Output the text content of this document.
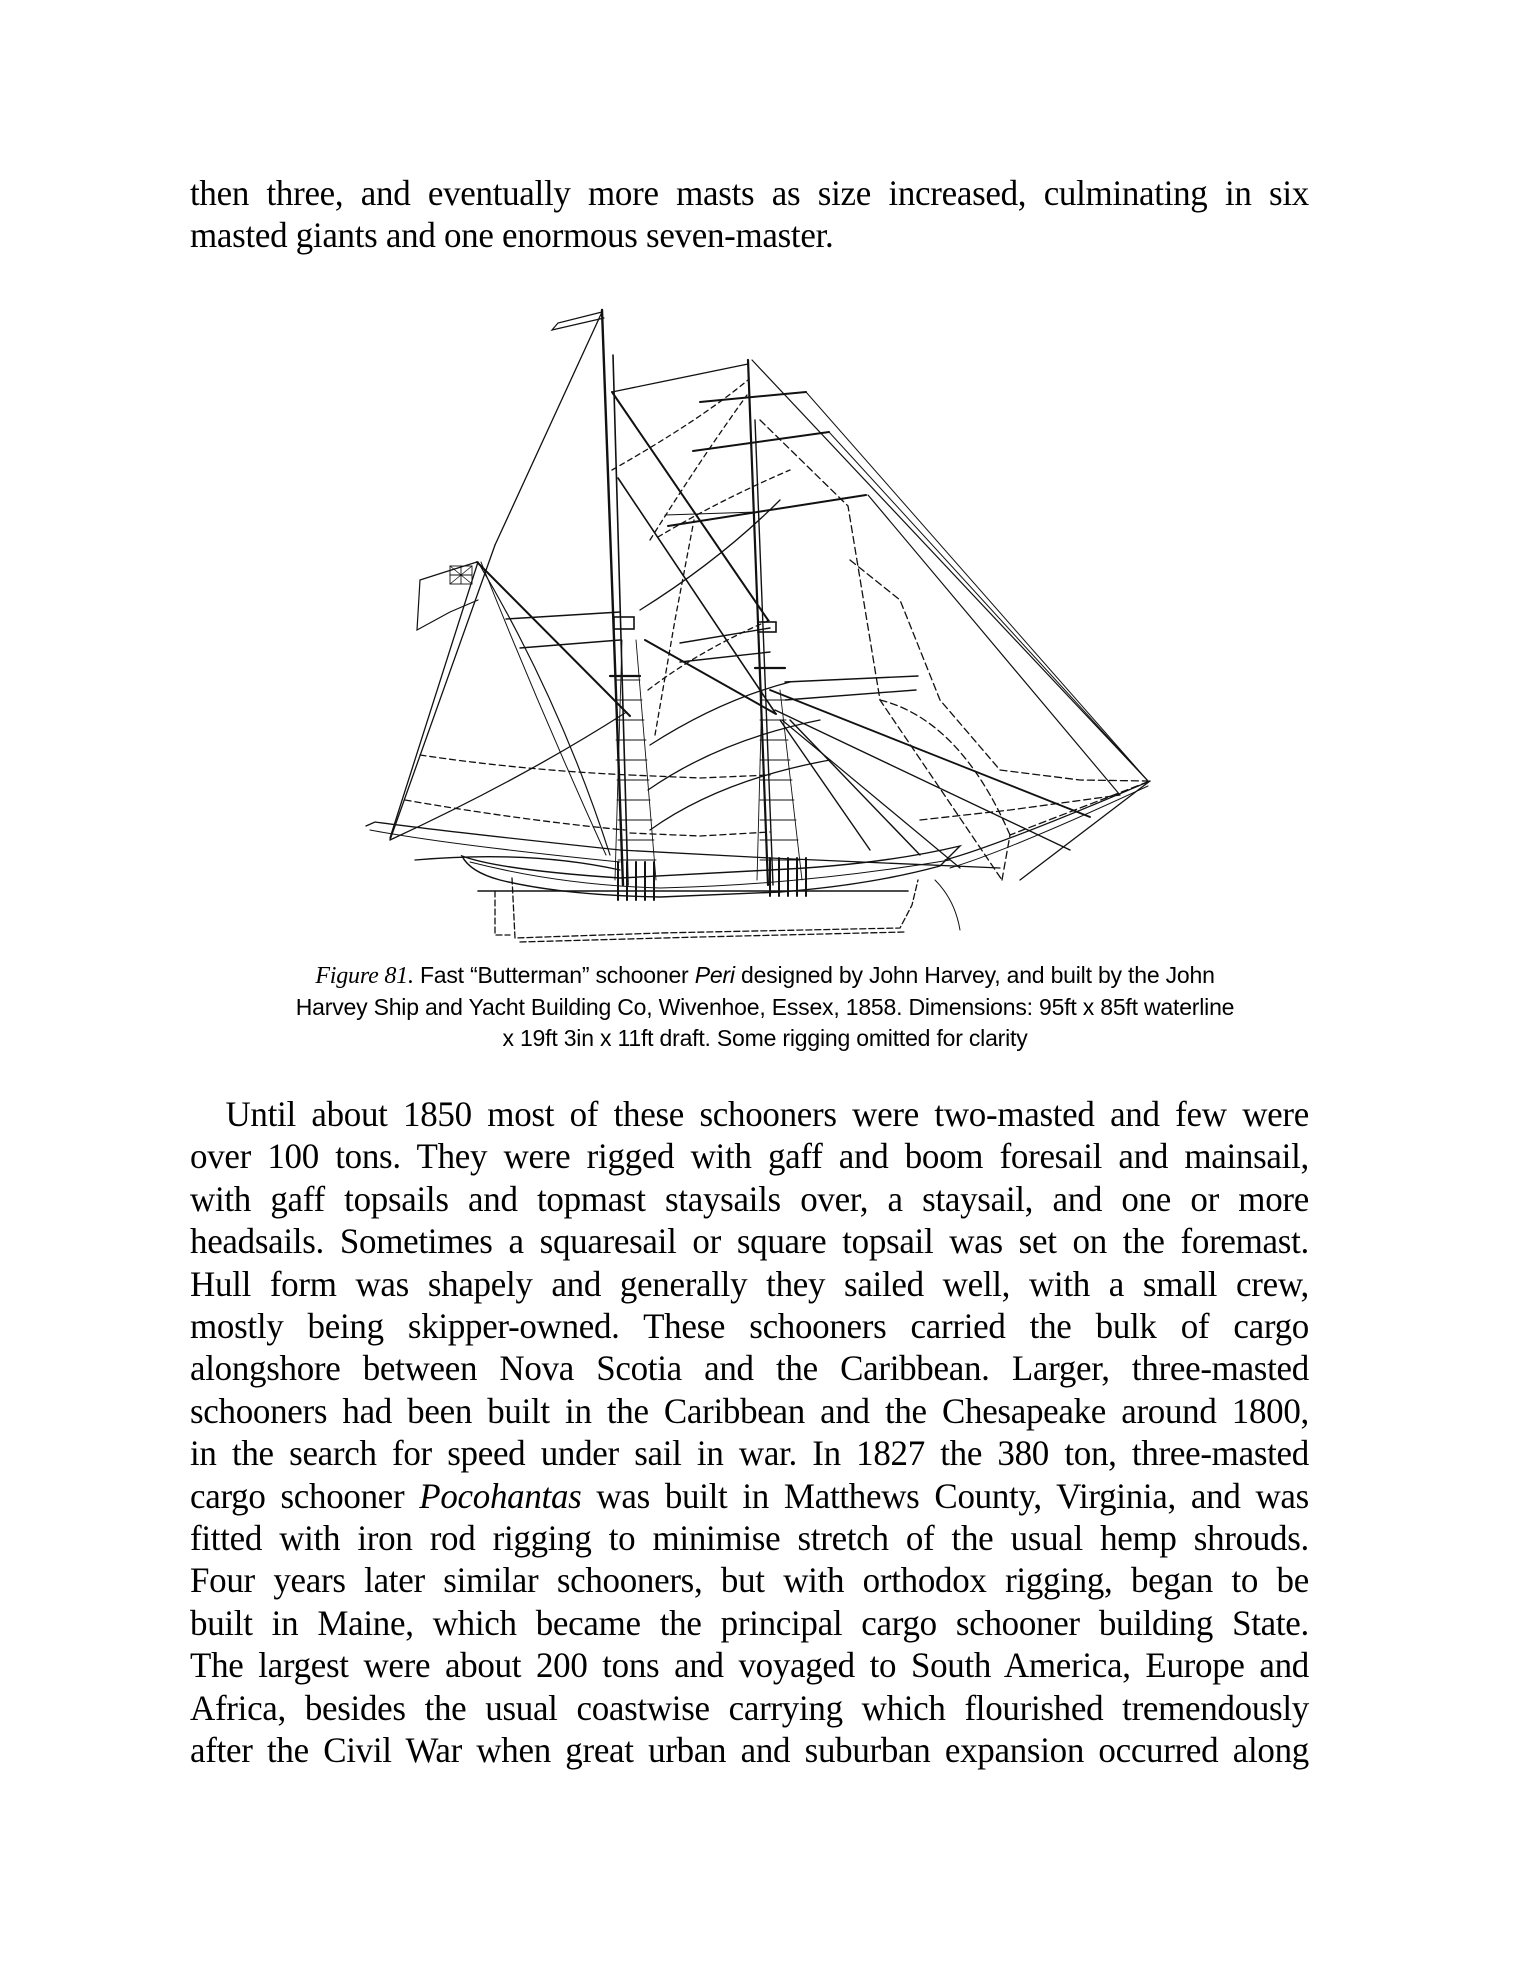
then three, and eventually more masts as size increased, culminating in six
masted giants and one enormous seven-master.
Figure 81. Fast “Butterman” schooner Peri designed by John Harvey, and built by the John
Harvey Ship and Yacht Building Co, Wivenhoe, Essex, 1858. Dimensions: 95ft x 85ft waterline
x 19ft 3in x 11ft draft. Some rigging omitted for clarity
Until about 1850 most of these schooners were two-masted and few were
over 100 tons. They were rigged with gaff and boom foresail and mainsail,
with gaff topsails and topmast staysails over, a staysail, and one or more
headsails. Sometimes a squaresail or square topsail was set on the foremast.
Hull form was shapely and generally they sailed well, with a small crew,
mostly being skipper-owned. These schooners carried the bulk of cargo
alongshore between Nova Scotia and the Caribbean. Larger, three-masted
schooners had been built in the Caribbean and the Chesapeake around 1800,
in the search for speed under sail in war. In 1827 the 380 ton, three-masted
cargo schooner Pocohantas was built in Matthews County, Virginia, and was
fitted with iron rod rigging to minimise stretch of the usual hemp shrouds.
Four years later similar schooners, but with orthodox rigging, began to be
built in Maine, which became the principal cargo schooner building State.
The largest were about 200 tons and voyaged to South America, Europe and
Africa, besides the usual coastwise carrying which flourished tremendously
after the Civil War when great urban and suburban expansion occurred along
